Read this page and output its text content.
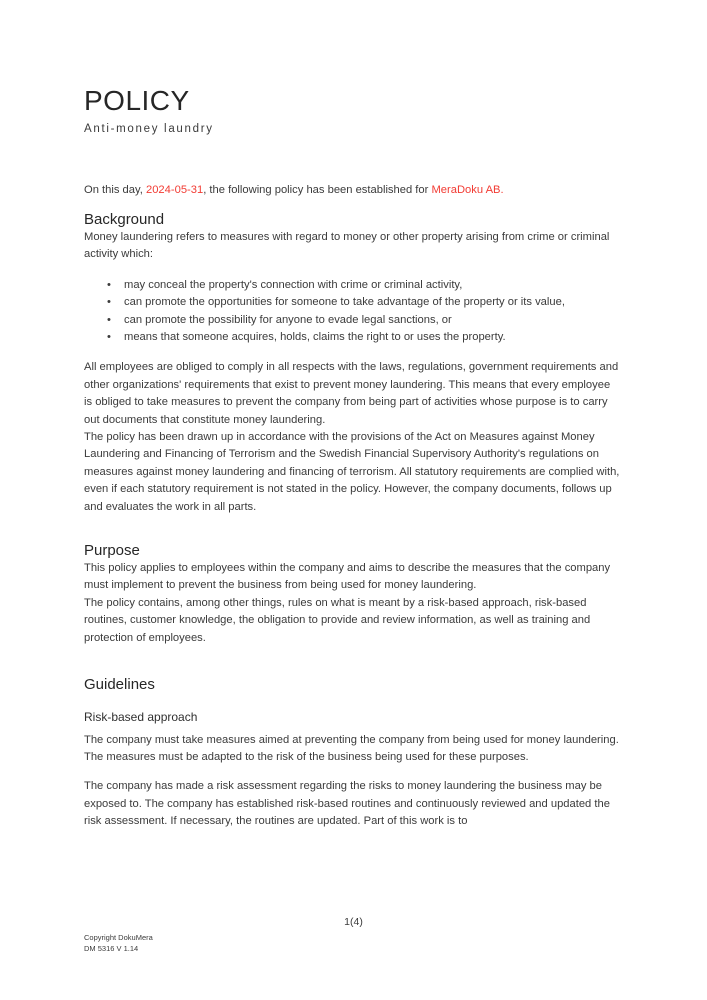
POLICY
Anti-money laundry

On this day, 2024-05-31, the following policy has been established for MeraDoku AB.

Background

Money laundering refers to measures with regard to money or other property arising from crime or criminal activity which:

• may conceal the property's connection with crime or criminal activity,
• can promote the opportunities for someone to take advantage of the property or its value,
• can promote the possibility for anyone to evade legal sanctions, or
• means that someone acquires, holds, claims the right to or uses the property.

All employees are obliged to comply in all respects with the laws, regulations, government requirements and other organizations' requirements that exist to prevent money laundering. This means that every employee is obliged to take measures to prevent the company from being part of activities whose purpose is to carry out documents that constitute money laundering.

The policy has been drawn up in accordance with the provisions of the Act on Measures against Money Laundering and Financing of Terrorism and the Swedish Financial Supervisory Authority's regulations on measures against money laundering and financing of terrorism. All statutory requirements are complied with, even if each statutory requirement is not stated in the policy. However, the company documents, follows up and evaluates the work in all parts.

Purpose

This policy applies to employees within the company and aims to describe the measures that the company must implement to prevent the business from being used for money laundering.

The policy contains, among other things, rules on what is meant by a risk-based approach, risk-based routines, customer knowledge, the obligation to provide and review information, as well as training and protection of employees.

Guidelines
Risk-based approach

The company must take measures aimed at preventing the company from being used for money laundering. The measures must be adapted to the risk of the business being used for these purposes.

The company has made a risk assessment regarding the risks to money laundering the business may be exposed to. The company has established risk-based routines and continuously reviewed and updated the risk assessment. If necessary, the routines are updated. Part of this work is to

1(4)
Copyright DokuMera
DM 5316 V 1.14
